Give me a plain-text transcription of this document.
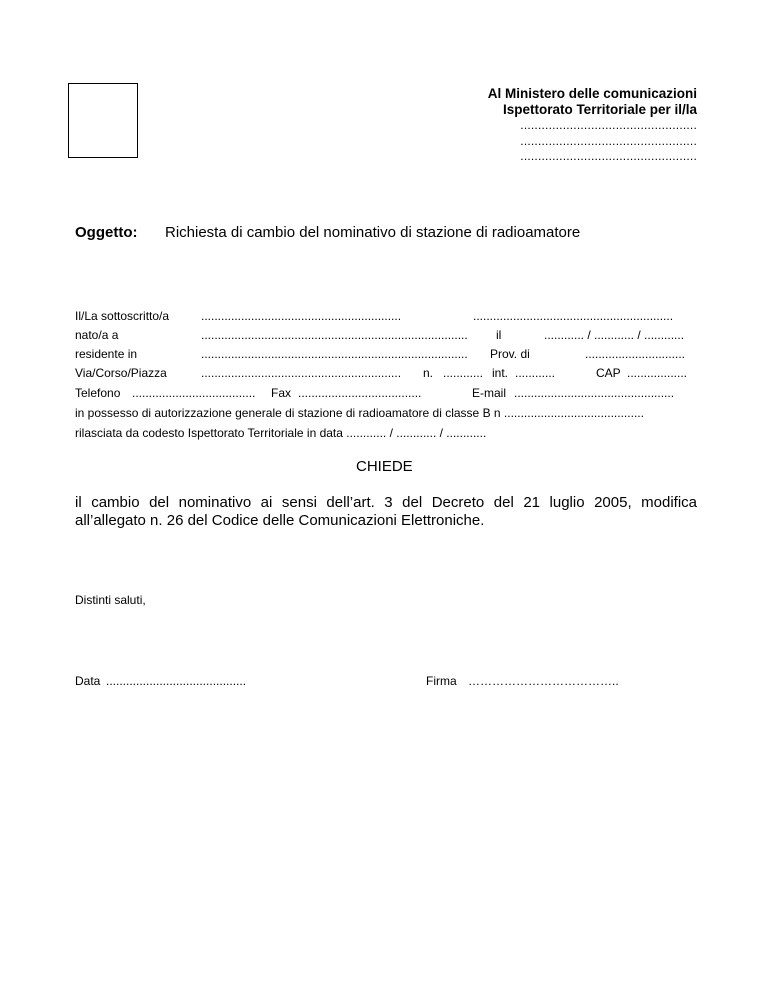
Al Ministero delle comunicazioni
Ispettorato Territoriale per il/la
..................................................
..................................................
..................................................
Oggetto: Richiesta di cambio del nominativo di stazione di radioamatore
Il/La sottoscritto/a	............................................................	............................................................
nato/a a	................................................................................ il	............ / ............ / ............
residente in	................................................................................ Prov. di	..............................
Via/Corso/Piazza	............................................................ n. ............ int. ............	CAP ..................
Telefono ..................................... Fax .....................................	E-mail ................................................
in possesso di autorizzazione generale di stazione di radioamatore di classe B n ..........................................
rilasciata da codesto Ispettorato Territoriale in data ............ / ............ / ............
CHIEDE
il cambio del nominativo ai sensi dell’art. 3 del Decreto del 21 luglio 2005, modifica all’allegato n. 26 del Codice delle Comunicazioni Elettroniche.
Distinti saluti,
Data ..........................................	Firma ………………………………..
